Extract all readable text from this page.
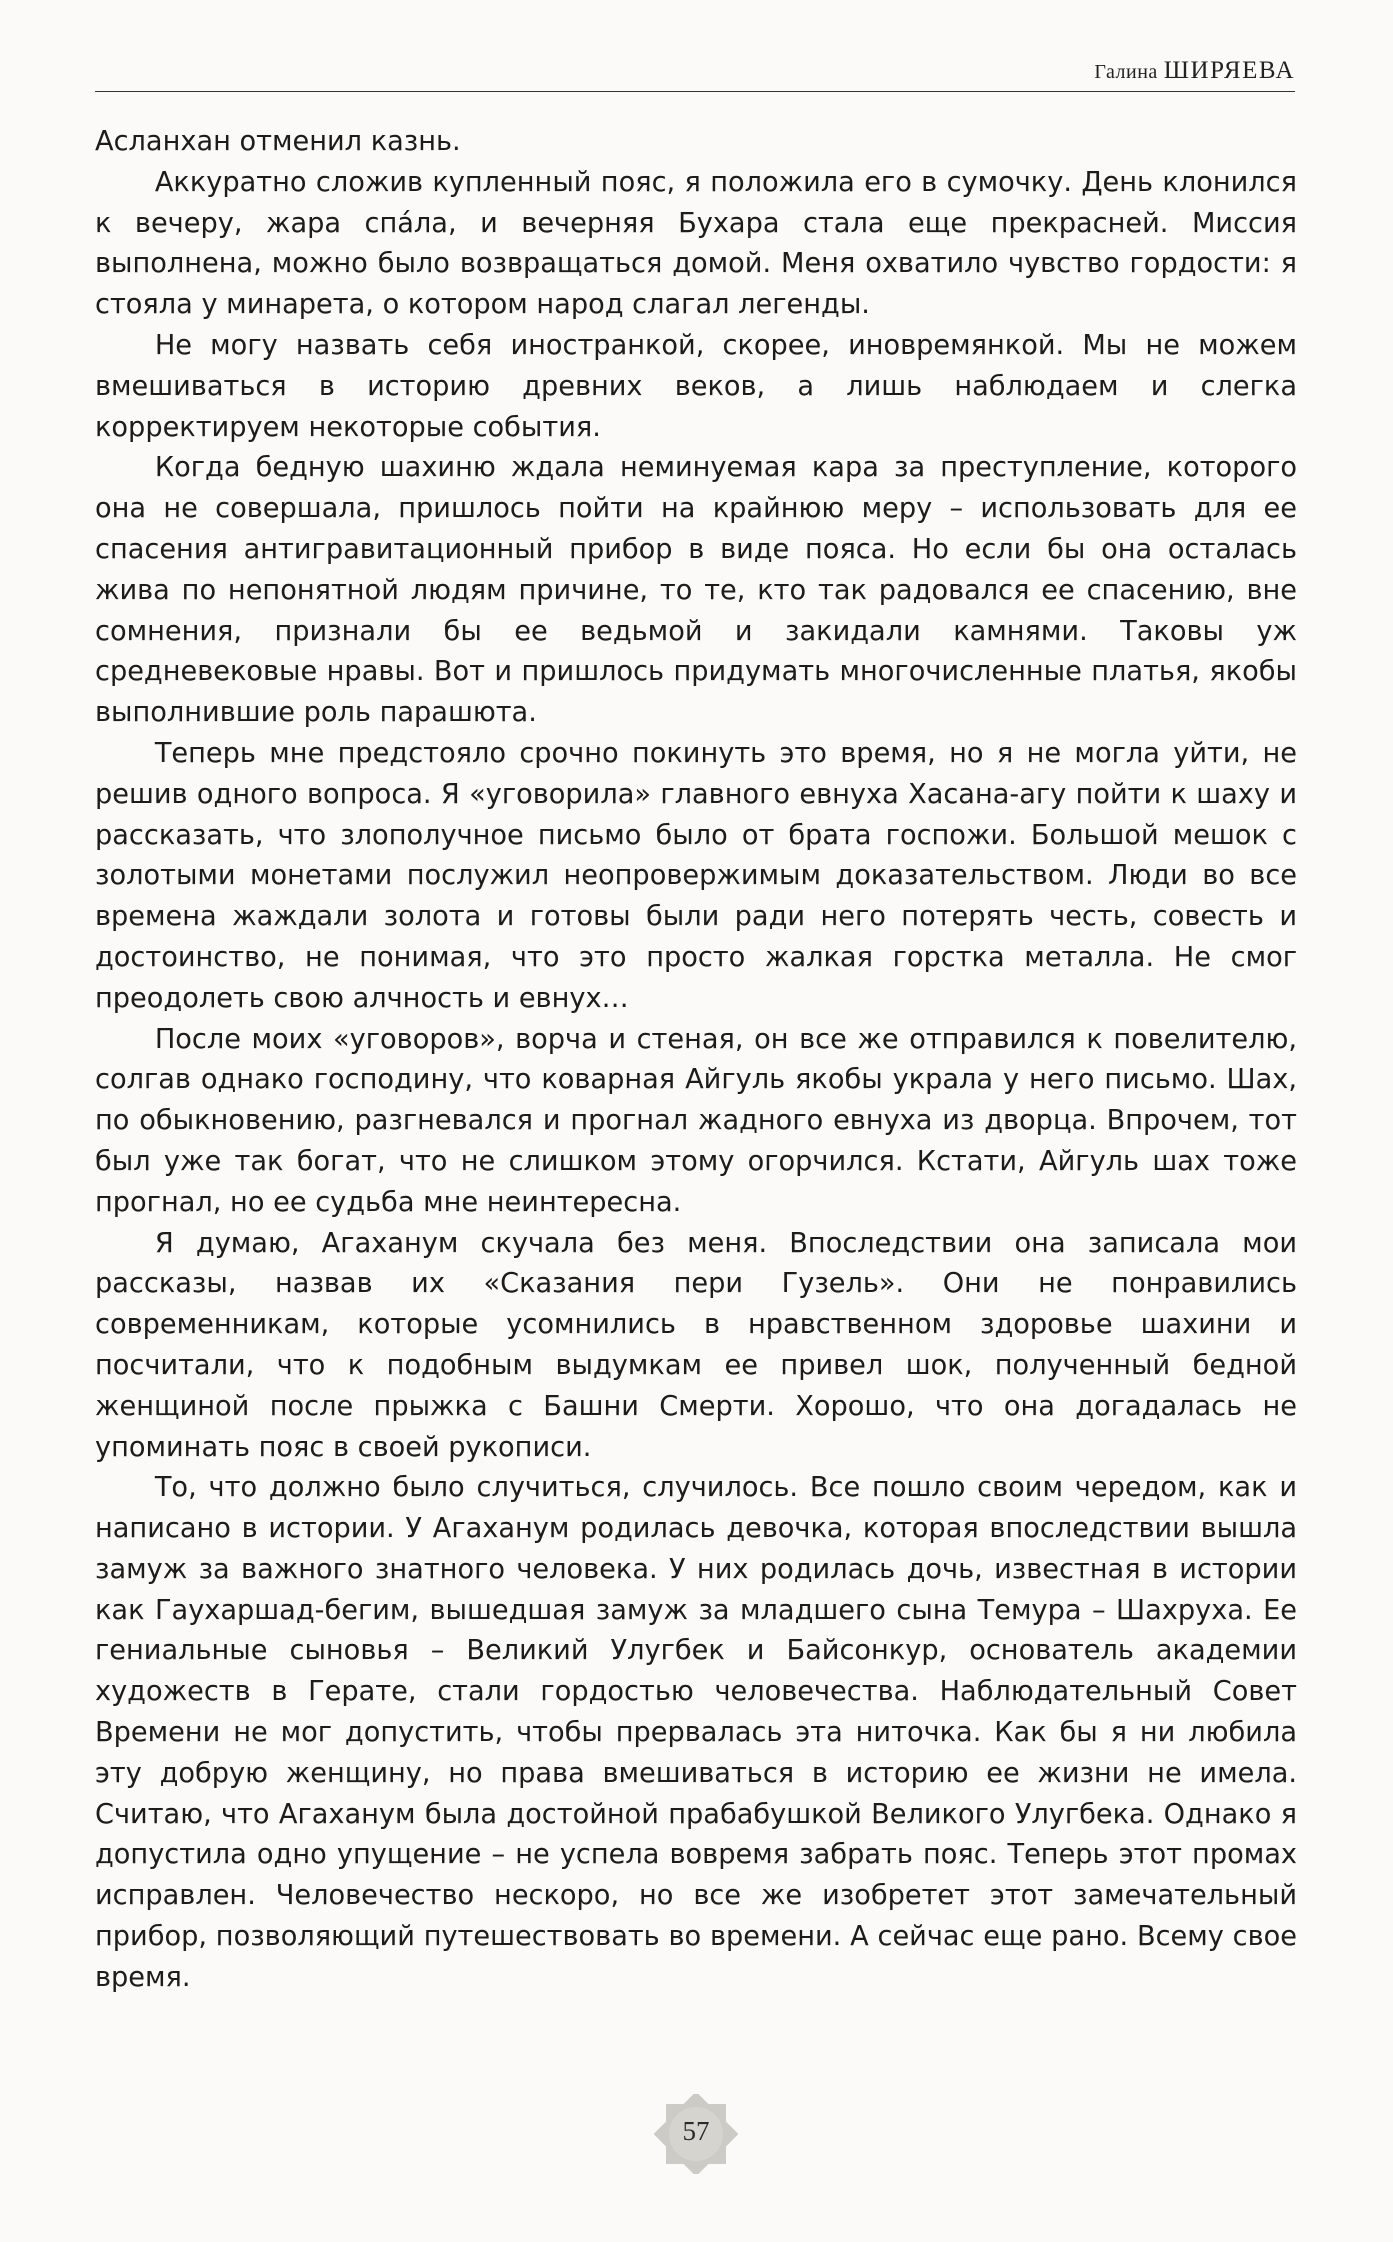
Галина ШИРЯЕВА

Асланхан отменил казнь.

Аккуратно сложив купленный пояс, я положила его в сумочку. День клонился к вечеру, жара спа́ла, и вечерняя Бухара стала еще прекрасней. Миссия выполнена, можно было возвращаться домой. Меня охватило чувство гордости: я стояла у минарета, о котором народ слагал легенды.

Не могу назвать себя иностранкой, скорее, иновремянкой. Мы не можем вмешиваться в историю древних веков, а лишь наблюдаем и слегка корректируем некоторые события.

Когда бедную шахиню ждала неминуемая кара за преступление, которого она не совершала, пришлось пойти на крайнюю меру – использовать для ее спасения антигравитационный прибор в виде пояса. Но если бы она осталась жива по непонятной людям причине, то те, кто так радовался ее спасению, вне сомнения, признали бы ее ведьмой и закидали камнями. Таковы уж средневековые нравы. Вот и пришлось придумать многочисленные платья, якобы выполнившие роль парашюта.

Теперь мне предстояло срочно покинуть это время, но я не могла уйти, не решив одного вопроса. Я «уговорила» главного евнуха Хасана-агу пойти к шаху и рассказать, что злополучное письмо было от брата госпожи. Большой мешок с золотыми монетами послужил неопровержимым доказательством. Люди во все времена жаждали золота и готовы были ради него потерять честь, совесть и достоинство, не понимая, что это просто жалкая горстка металла. Не смог преодолеть свою алчность и евнух…

После моих «уговоров», ворча и стеная, он все же отправился к повелителю, солгав однако господину, что коварная Айгуль якобы украла у него письмо. Шах, по обыкновению, разгневался и прогнал жадного евнуха из дворца. Впрочем, тот был уже так богат, что не слишком этому огорчился. Кстати, Айгуль шах тоже прогнал, но ее судьба мне неинтересна.

Я думаю, Агаханум скучала без меня. Впоследствии она записала мои рассказы, назвав их «Сказания пери Гузель». Они не понравились современникам, которые усомнились в нравственном здоровье шахини и посчитали, что к подобным выдумкам ее привел шок, полученный бедной женщиной после прыжка с Башни Смерти. Хорошо, что она догадалась не упоминать пояс в своей рукописи.

То, что должно было случиться, случилось. Все пошло своим чередом, как и написано в истории. У Агаханум родилась девочка, которая впоследствии вышла замуж за важного знатного человека. У них родилась дочь, известная в истории как Гаухаршад-бегим, вышедшая замуж за младшего сына Темура – Шахруха. Ее гениальные сыновья – Великий Улугбек и Байсонкур, основатель академии художеств в Герате, стали гордостью человечества. Наблюдательный Совет Времени не мог допустить, чтобы прервалась эта ниточка. Как бы я ни любила эту добрую женщину, но права вмешиваться в историю ее жизни не имела. Считаю, что Агаханум была достойной прабабушкой Великого Улугбека. Однако я допустила одно упущение – не успела вовремя забрать пояс. Теперь этот промах исправлен. Человечество нескоро, но все же изобретет этот замечательный прибор, позволяющий путешествовать во времени. А сейчас еще рано. Всему свое время.

57
